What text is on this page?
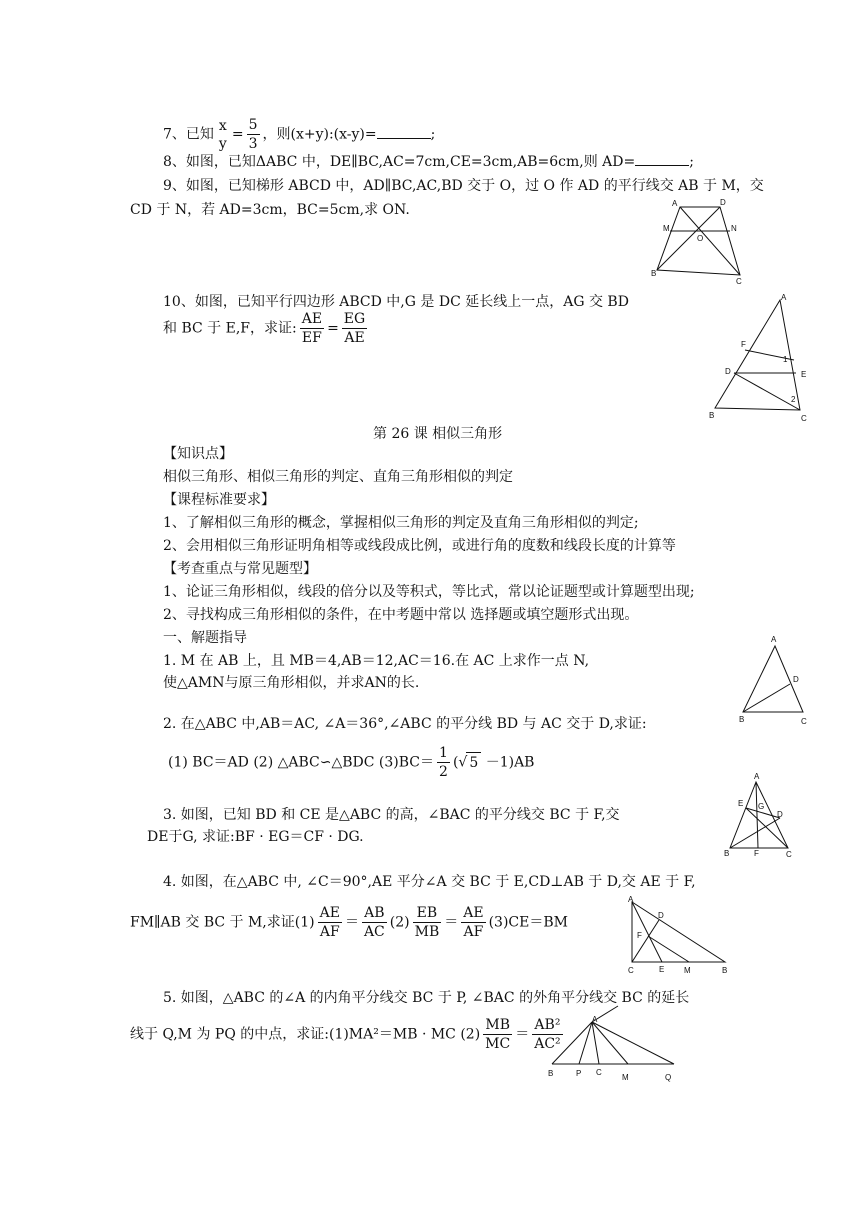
7、已知
x
y
= $\frac{5}{3}$ ，则(x+y):(x-y)=	;
8、如图，已知ΔABC 中，DE∥BC,AC=7cm,CE=3cm,AB=6cm,则 AD=	;
9、如图，已知梯形 ABCD 中，AD∥BC,AC,BD 交于 O，过 O 作 AD 的平行线交 AB 于 M，交
CD 于 N，若 AD=3cm，BC=5cm,求 ON.	A	D
M
O
N
B
C
10、如图，已知平行四边形 ABCD 中,G 是 DC 延长线上一点，AG 交 BD
和 BC 于 E,F，求证: $\frac{AE}{EF} = \frac{EG}{AE}$
A
F
1
D	E
2
B	C
第 26 课 相似三角形
【知识点】
相似三角形、相似三角形的判定、直角三角形相似的判定
【课程标准要求】
1、了解相似三角形的概念，掌握相似三角形的判定及直角三角形相似的判定;
2、会用相似三角形证明角相等或线段成比例，或进行角的度数和线段长度的计算等
【考查重点与常见题型】
1、论证三角形相似，线段的倍分以及等积式，等比式，常以论证题型或计算题型出现;
2、寻找构成三角形相似的条件，在中考题中常以 选择题或填空题形式出现。
一、解题指导
1. M 在 AB 上，且 MB＝4,AB＝12,AC＝16.在 AC 上求作一点 N,
使△AMN与原三角形相似，并求AN的长.
A
D
B	C
2. 在△ABC 中,AB＝AC, ∠A＝36°,∠ABC 的平分线 BD 与 AC 交于 D,求证:
(1) BC＝AD (2) △ABC∽△BDC $(3)BC= \frac{1}{2}$ (√ 5 －1)AB
3. 如图，已知 BD 和 CE 是△ABC 的高，∠BAC 的平分线交 BC 于 F,交
DE于G, 求证:BF · EG＝CF · DG.
A
E G
D
B	F	C
4. 如图，在△ABC 中, ∠C＝90°,AE 平分∠A 交 BC 于 E,CD⊥AB 于 D,交 AE 于 F,
FM∥AB 交 BC 于 M,求证$(1) \frac{AE}{AF} = \frac{AB}{AC} (2) \frac{EB}{MB} = \frac{AE}{AF} (3)CE=BM$
A
D
F
C	E M	B
5. 如图，△ABC 的∠A 的内角平分线交 BC 于 P, ∠BAC 的外角平分线交 BC 的延长
线于 Q,M 为 PQ 的中点，求证:(1)MA²＝MB · MC $(2) \frac{MB}{MC} = \frac{\text{AB²}}{\text{AC²}}$	A
B	P C
M	Q
